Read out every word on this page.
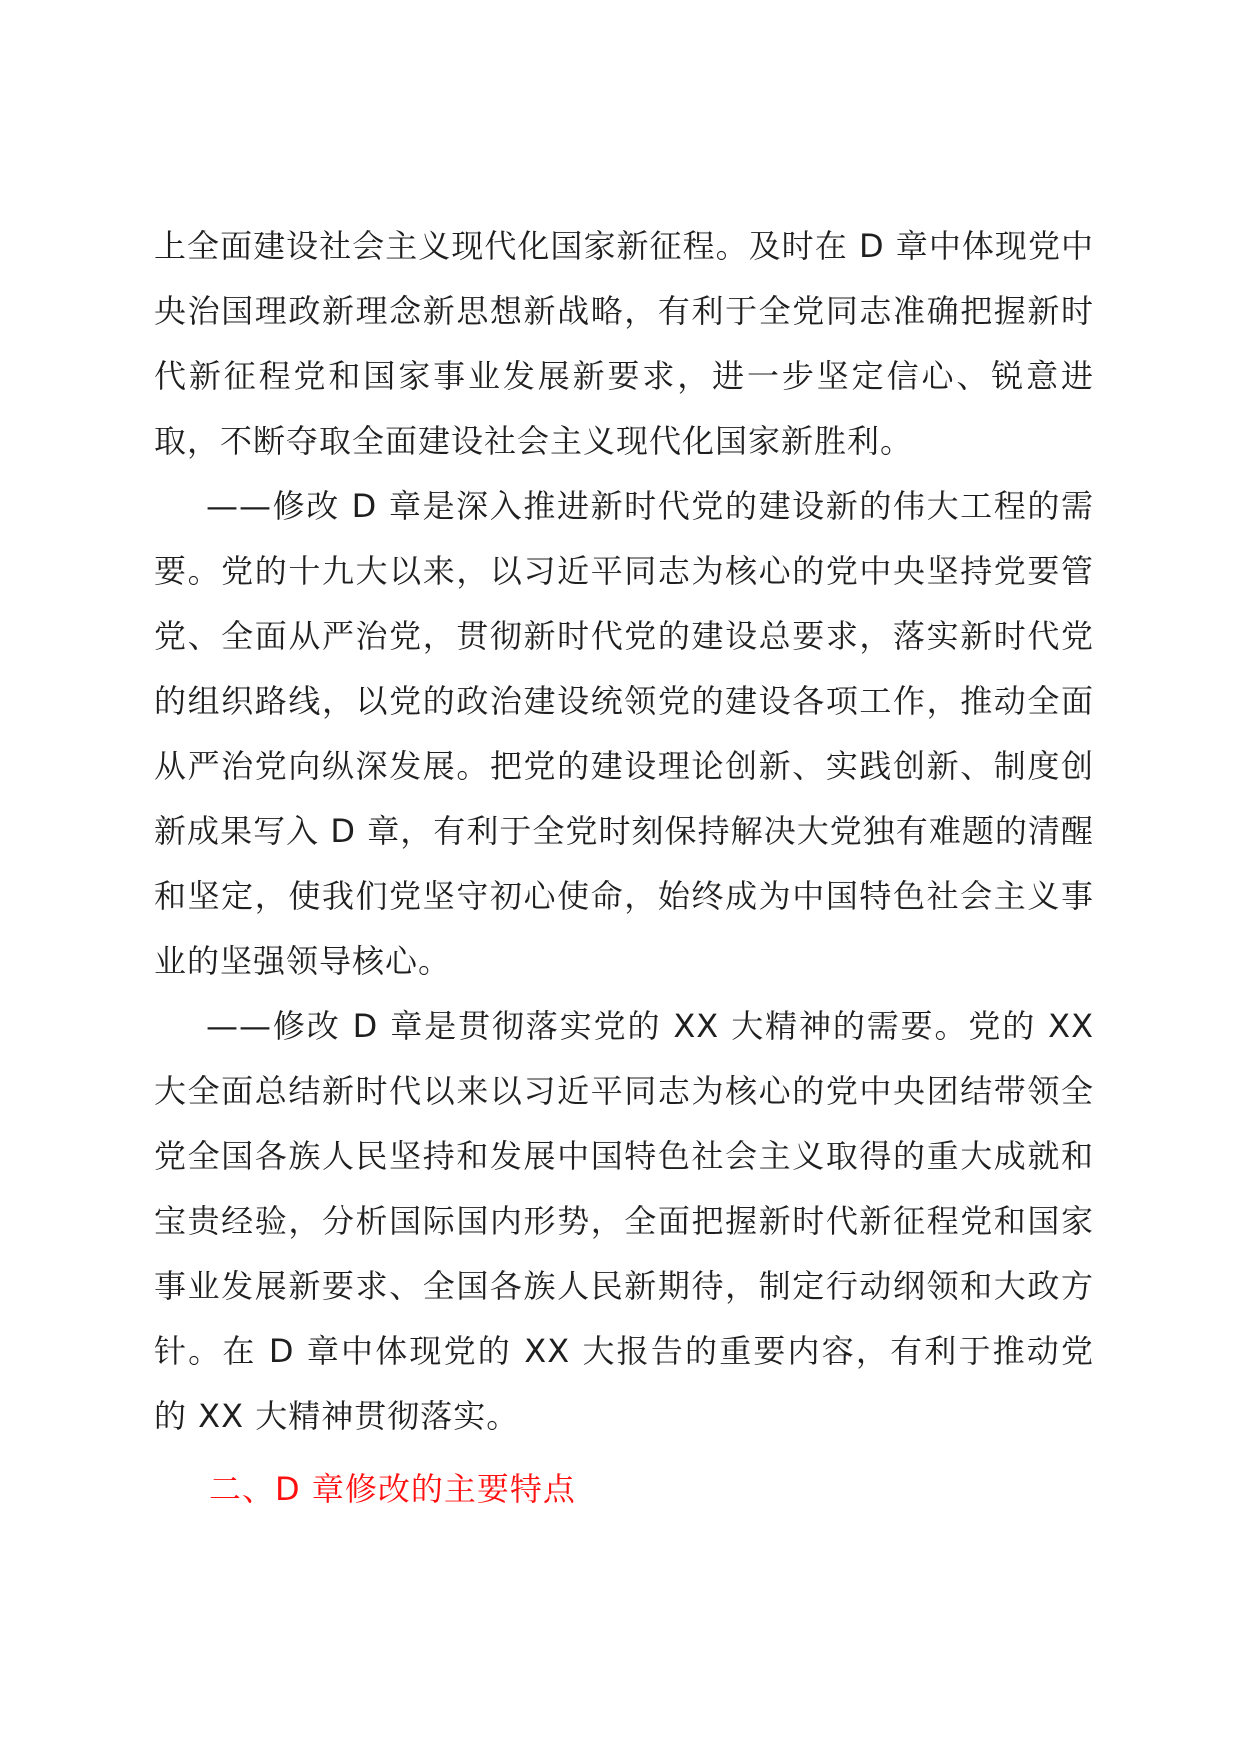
上全面建设社会主义现代化国家新征程。及时在 D 章中体现党中央治国理政新理念新思想新战略，有利于全党同志准确把握新时代新征程党和国家事业发展新要求，进一步坚定信心、锐意进取，不断夺取全面建设社会主义现代化国家新胜利。

——修改 D 章是深入推进新时代党的建设新的伟大工程的需要。党的十九大以来，以习近平同志为核心的党中央坚持党要管党、全面从严治党，贯彻新时代党的建设总要求，落实新时代党的组织路线，以党的政治建设统领党的建设各项工作，推动全面从严治党向纵深发展。把党的建设理论创新、实践创新、制度创新成果写入 D 章，有利于全党时刻保持解决大党独有难题的清醒和坚定，使我们党坚守初心使命，始终成为中国特色社会主义事业的坚强领导核心。

——修改 D 章是贯彻落实党的 XX 大精神的需要。党的 XX 大全面总结新时代以来以习近平同志为核心的党中央团结带领全党全国各族人民坚持和发展中国特色社会主义取得的重大成就和宝贵经验，分析国际国内形势，全面把握新时代新征程党和国家事业发展新要求、全国各族人民新期待，制定行动纲领和大政方针。在 D 章中体现党的 XX 大报告的重要内容，有利于推动党的 XX 大精神贯彻落实。

二、D 章修改的主要特点
